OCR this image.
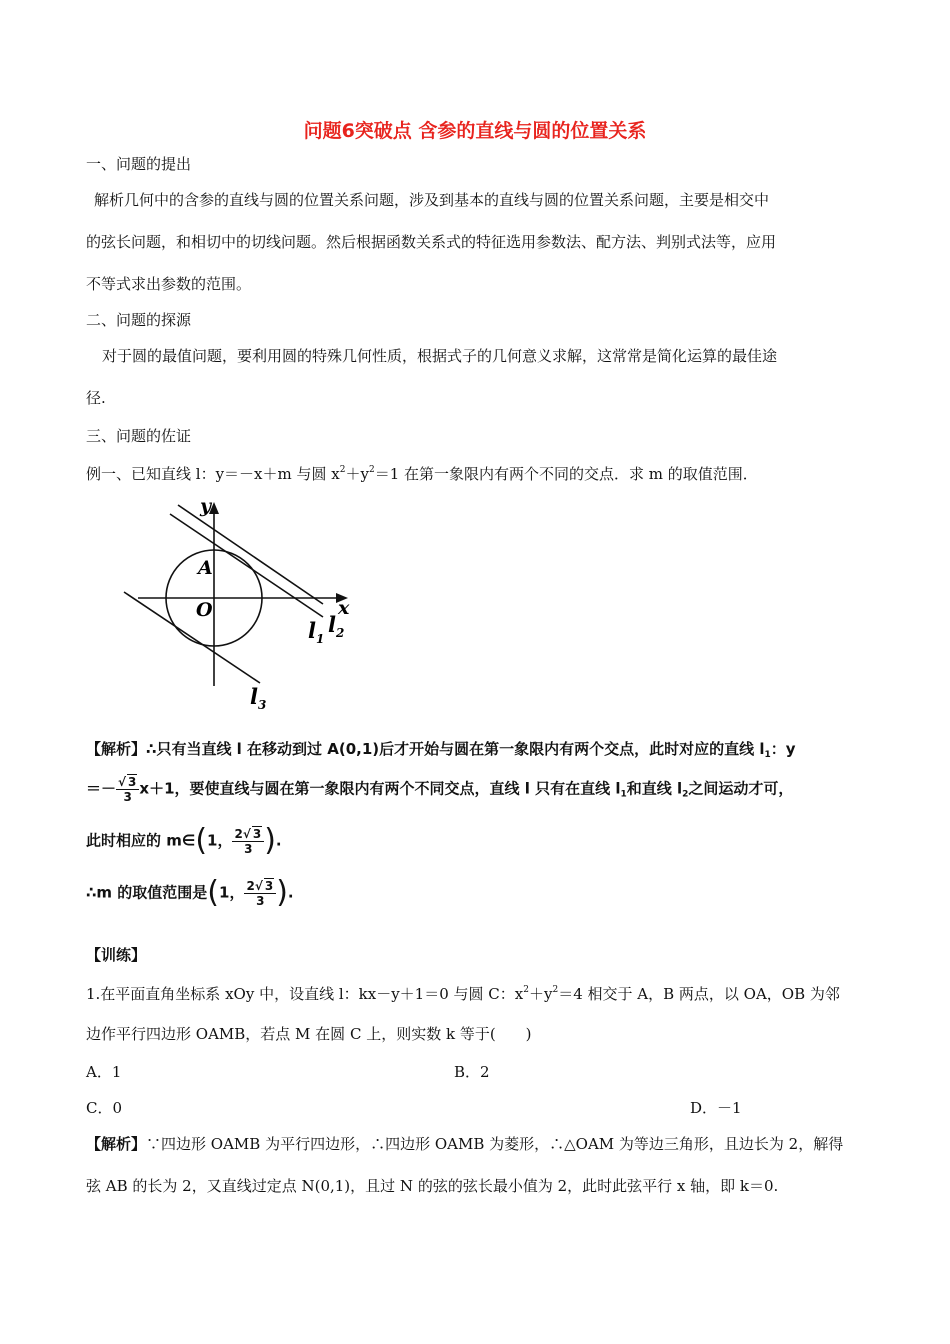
问题6突破点 含参的直线与圆的位置关系
一、问题的提出
解析几何中的含参的直线与圆的位置关系问题，涉及到基本的直线与圆的位置关系问题，主要是相交中
的弦长问题，和相切中的切线问题。然后根据函数关系式的特征选用参数法、配方法、判别式法等，应用
不等式求出参数的范围。
二、问题的探源
对于圆的最值问题，要利用圆的特殊几何性质，根据式子的几何意义求解，这常常是简化运算的最佳途
径.
三、问题的佐证
例一、已知直线 l：y＝－x＋m 与圆 $x^2+y^2=1$ 在第一象限内有两个不同的交点．求 m 的取值范围．
y
x
A
O
$l_1$
$l_2$
$l_3$
【解析】∴只有当直线 l 在移动到过 A(0,1)后才开始与圆在第一象限内有两个交点，此时对应的直线 $l_1$：y
＝－ $\frac{√ 3}{3} x+1$，要使直线与圆在第一象限内有两个不同交点，直线 l 只有在直线 $l_1$和直线 $l_2$之间运动才可，
此时相应的 m∈(1， $\frac{2√ 3}{3}$ ).
∴m 的取值范围是(1， $\frac{2√ 3}{3}$ ).
【训练】
1.在平面直角坐标系 xOy 中，设直线 l：kx－y＋1＝0 与圆 C：$x^2+y^2=4$ 相交于 A，B 两点，以 OA，OB 为邻
边作平行四边形 OAMB，若点 M 在圆 C 上，则实数 k 等于(　　)
A．1	B．2
C．0	D．－1
【解析】∵四边形 OAMB 为平行四边形，∴四边形 OAMB 为菱形，∴△OAM 为等边三角形，且边长为 2，解得
弦 AB 的长为 2，又直线过定点 N(0,1)，且过 N 的弦的弦长最小值为 2，此时此弦平行 x 轴，即 k＝0.
